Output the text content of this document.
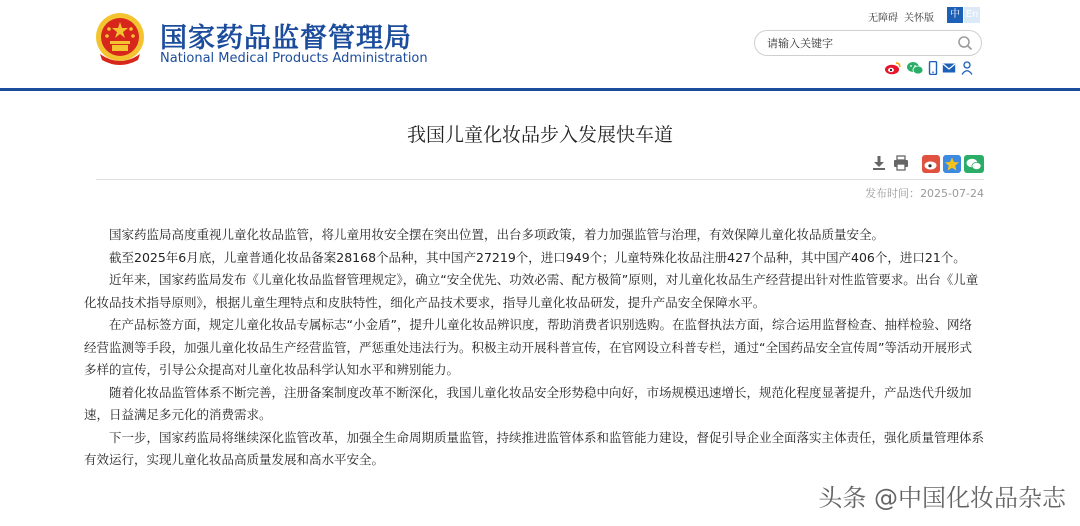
国家药品监督管理局
National Medical Products Administration
无障碍 关怀版	中 En
请输入关键字
我国儿童化妆品步入发展快车道
发布时间：2025-07-24

国家药监局高度重视儿童化妆品监管，将儿童用妆安全摆在突出位置，出台多项政策，着力加强监管与治理，有效保障儿童化妆品质量安全。

截至2025年6月底，儿童普通化妆品备案28168个品种，其中国产27219个，进口949个；儿童特殊化妆品注册427个品种，其中国产406个，进口21个。

近年来，国家药监局发布《儿童化妆品监督管理规定》，确立“安全优先、功效必需、配方极简”原则，对儿童化妆品生产经营提出针对性监管要求。出台《儿童化妆品技术指导原则》，根据儿童生理特点和皮肤特性，细化产品技术要求，指导儿童化妆品研发，提升产品安全保障水平。

在产品标签方面，规定儿童化妆品专属标志“小金盾”，提升儿童化妆品辨识度，帮助消费者识别选购。在监督执法方面，综合运用监督检查、抽样检验、网络经营监测等手段，加强儿童化妆品生产经营监管，严惩重处违法行为。积极主动开展科普宣传，在官网设立科普专栏，通过“全国药品安全宣传周”等活动开展形式多样的宣传，引导公众提高对儿童化妆品科学认知水平和辨别能力。

随着化妆品监管体系不断完善，注册备案制度改革不断深化，我国儿童化妆品安全形势稳中向好，市场规模迅速增长，规范化程度显著提升，产品迭代升级加速，日益满足多元化的消费需求。

下一步，国家药监局将继续深化监管改革，加强全生命周期质量监管，持续推进监管体系和监管能力建设，督促引导企业全面落实主体责任，强化质量管理体系有效运行，实现儿童化妆品高质量发展和高水平安全。

头条 @中国化妆品杂志
